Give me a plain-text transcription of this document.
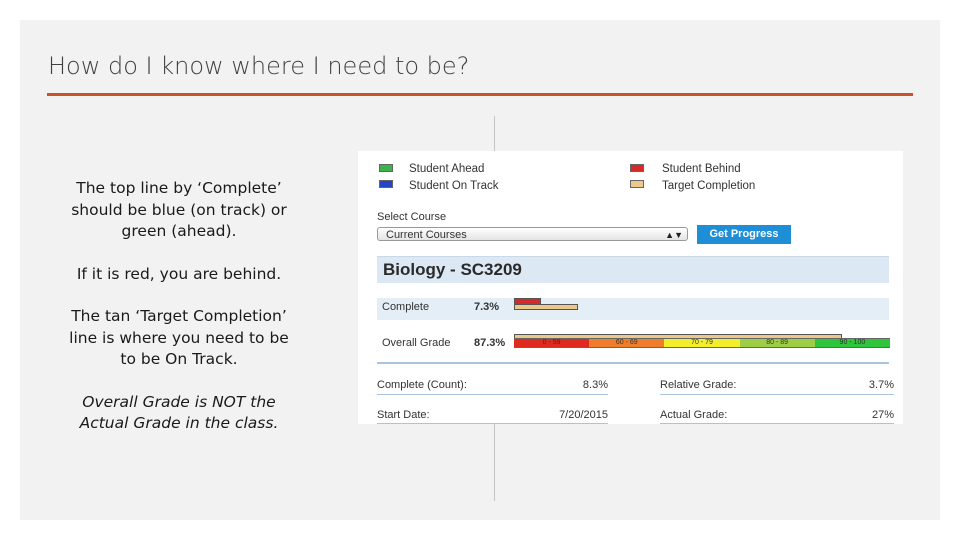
How do I know where I need to be?

The top line by ‘Complete’ should be blue (on track) or green (ahead).

If it is red, you are behind.

The tan ‘Target Completion’ line is where you need to be to be On Track.

Overall Grade is NOT the Actual Grade in the class.

Student Ahead
Student On Track
Student Behind
Target Completion
Select Course
Current Courses	▲▼	Get Progress
Biology - SC3209
Complete	7.3%
Overall Grade 87.3%	0 - 59	60 - 69	70 - 79	80 - 89	90 - 100
Complete (Count):	8.3%	Relative Grade:	3.7%
Start Date:	7/20/2015	Actual Grade:	27%
